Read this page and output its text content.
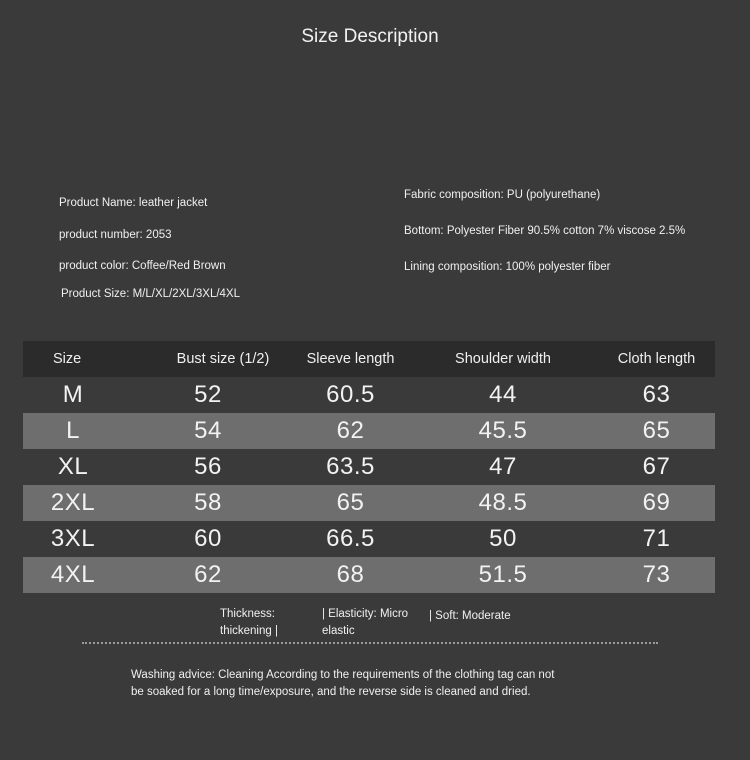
Size Description
Product Name: leather jacket
product number: 2053
product color: Coffee/Red Brown
Product Size: M/L/XL/2XL/3XL/4XL
Fabric composition: PU (polyurethane)
Bottom: Polyester Fiber 90.5% cotton 7% viscose 2.5%
Lining composition: 100% polyester fiber
Size	Bust size (1/2)	Sleeve length	Shoulder width	Cloth length
M	52	60.5	44	63
L	54	62	45.5	65
XL	56	63.5	47	67
2XL	58	65	48.5	69
3XL	60	66.5	50	71
4XL	62	68	51.5	73
Thickness:
thickening |
| Elasticity: Micro
elastic
| Soft: Moderate
Washing advice: Cleaning According to the requirements of the clothing tag can not
be soaked for a long time/exposure, and the reverse side is cleaned and dried.
